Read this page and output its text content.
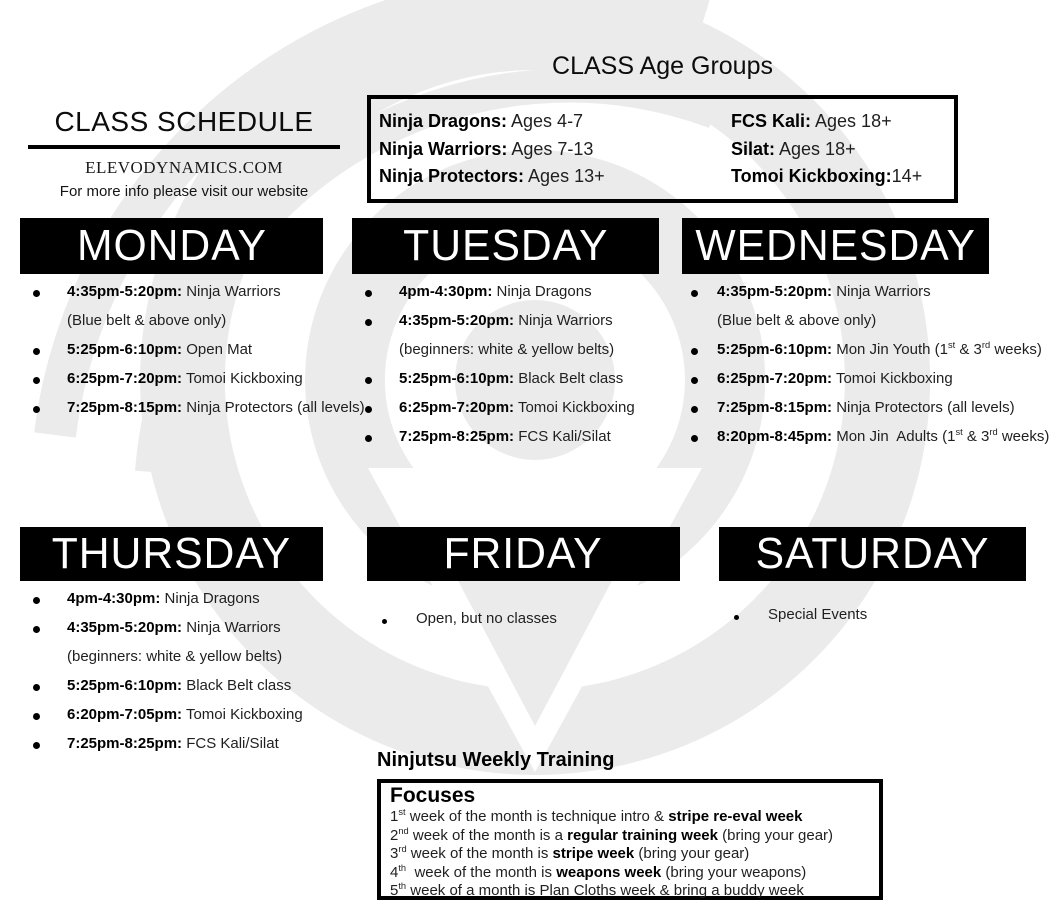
CLASS SCHEDULE
ELEVODYNAMICS.COM
For more info please visit our website
CLASS Age Groups
Ninja Dragons: Ages 4-7
Ninja Warriors: Ages 7-13
Ninja Protectors: Ages 13+
FCS Kali: Ages 18+
Silat: Ages 18+
Tomoi Kickboxing:14+
MONDAY
4:35pm-5:20pm: Ninja Warriors
(Blue belt & above only)
5:25pm-6:10pm: Open Mat
6:25pm-7:20pm: Tomoi Kickboxing
7:25pm-8:15pm: Ninja Protectors (all levels)
TUESDAY
4pm-4:30pm: Ninja Dragons
4:35pm-5:20pm: Ninja Warriors
(beginners: white & yellow belts)
5:25pm-6:10pm: Black Belt class
6:25pm-7:20pm: Tomoi Kickboxing
7:25pm-8:25pm: FCS Kali/Silat
WEDNESDAY
4:35pm-5:20pm: Ninja Warriors
(Blue belt & above only)
5:25pm-6:10pm: Mon Jin Youth (1st & 3rd weeks)
6:25pm-7:20pm: Tomoi Kickboxing
7:25pm-8:15pm: Ninja Protectors (all levels)
8:20pm-8:45pm: Mon Jin  Adults (1st & 3rd weeks)
THURSDAY
4pm-4:30pm: Ninja Dragons
4:35pm-5:20pm: Ninja Warriors
(beginners: white & yellow belts)
5:25pm-6:10pm: Black Belt class
6:20pm-7:05pm: Tomoi Kickboxing
7:25pm-8:25pm: FCS Kali/Silat
FRIDAY
Open, but no classes
SATURDAY
Special Events
Ninjutsu Weekly Training
Focuses
1st week of the month is technique intro & stripe re-eval week
2nd week of the month is a regular training week (bring your gear)
3rd week of the month is stripe week (bring your gear)
4th  week of the month is weapons week (bring your weapons)
5th week of a month is Plan Cloths week & bring a buddy week
